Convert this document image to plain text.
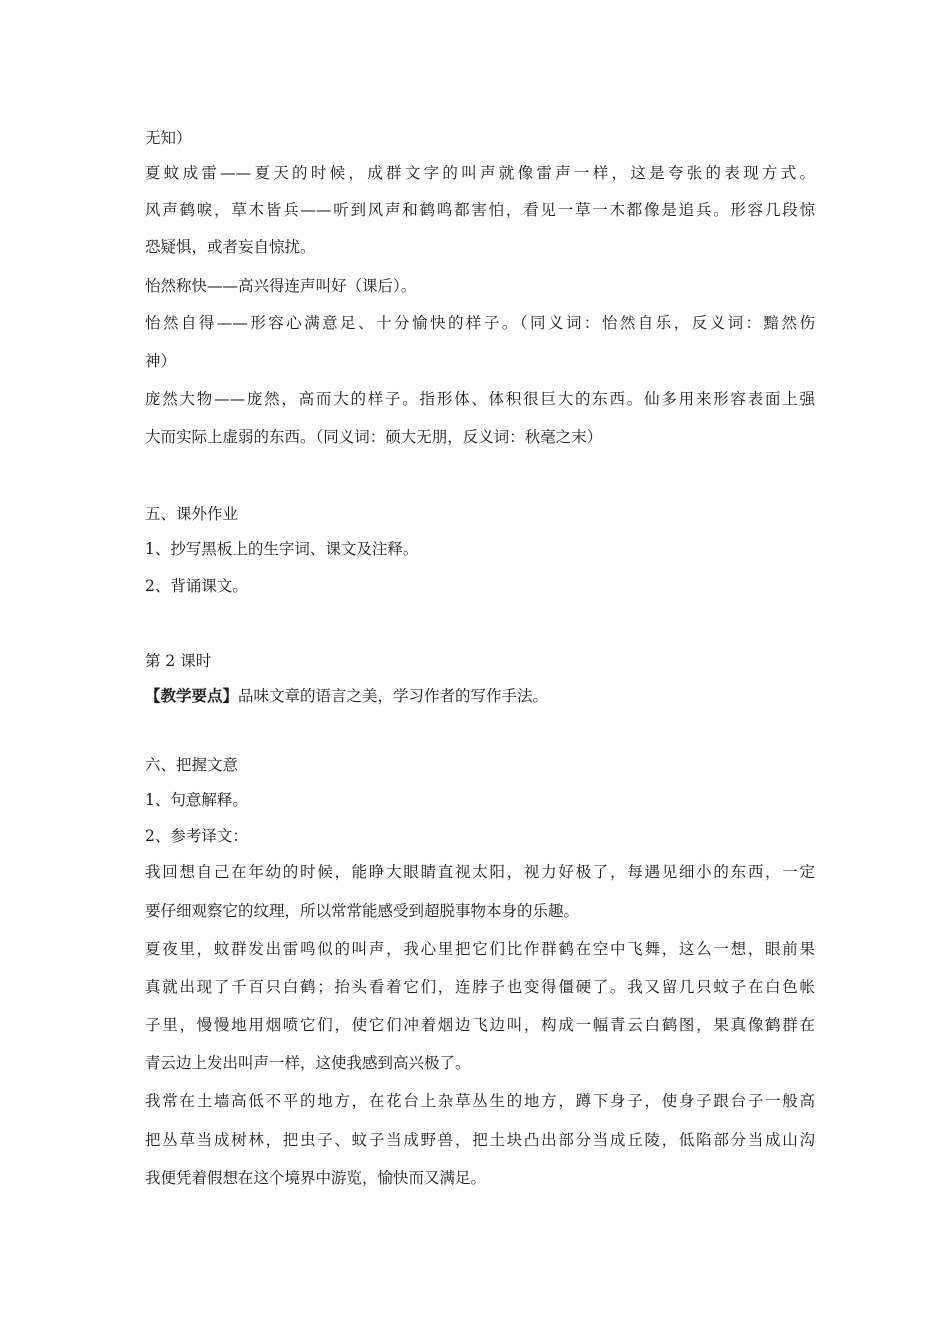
无知）
夏蚊成雷——夏天的时候，成群文字的叫声就像雷声一样，这是夸张的表现方式。
风声鹤唳，草木皆兵——听到风声和鹤鸣都害怕，看见一草一木都像是追兵。形容几段惊
恐疑惧，或者妄自惊扰。
怡然称快——高兴得连声叫好（课后）。
怡然自得——形容心满意足、十分愉快的样子。（同义词：怡然自乐，反义词：黯然伤
神）
庞然大物——庞然，高而大的样子。指形体、体积很巨大的东西。仙多用来形容表面上强
大而实际上虚弱的东西。（同义词：硕大无朋，反义词：秋毫之末）
五、课外作业
1、抄写黑板上的生字词、课文及注释。
2、背诵课文。
第 2 课时
【教学要点】品味文章的语言之美，学习作者的写作手法。
六、把握文意
1、句意解释。
2、参考译文：
我回想自己在年幼的时候，能睁大眼睛直视太阳，视力好极了，每遇见细小的东西，一定
要仔细观察它的纹理，所以常常能感受到超脱事物本身的乐趣。
夏夜里，蚊群发出雷鸣似的叫声，我心里把它们比作群鹤在空中飞舞，这么一想，眼前果
真就出现了千百只白鹤；抬头看着它们，连脖子也变得僵硬了。我又留几只蚊子在白色帐
子里，慢慢地用烟喷它们，使它们冲着烟边飞边叫，构成一幅青云白鹤图，果真像鹤群在
青云边上发出叫声一样，这使我感到高兴极了。
我常在土墙高低不平的地方，在花台上杂草丛生的地方，蹲下身子，使身子跟台子一般高
把丛草当成树林，把虫子、蚊子当成野兽，把土块凸出部分当成丘陵，低陷部分当成山沟
我便凭着假想在这个境界中游览，愉快而又满足。
